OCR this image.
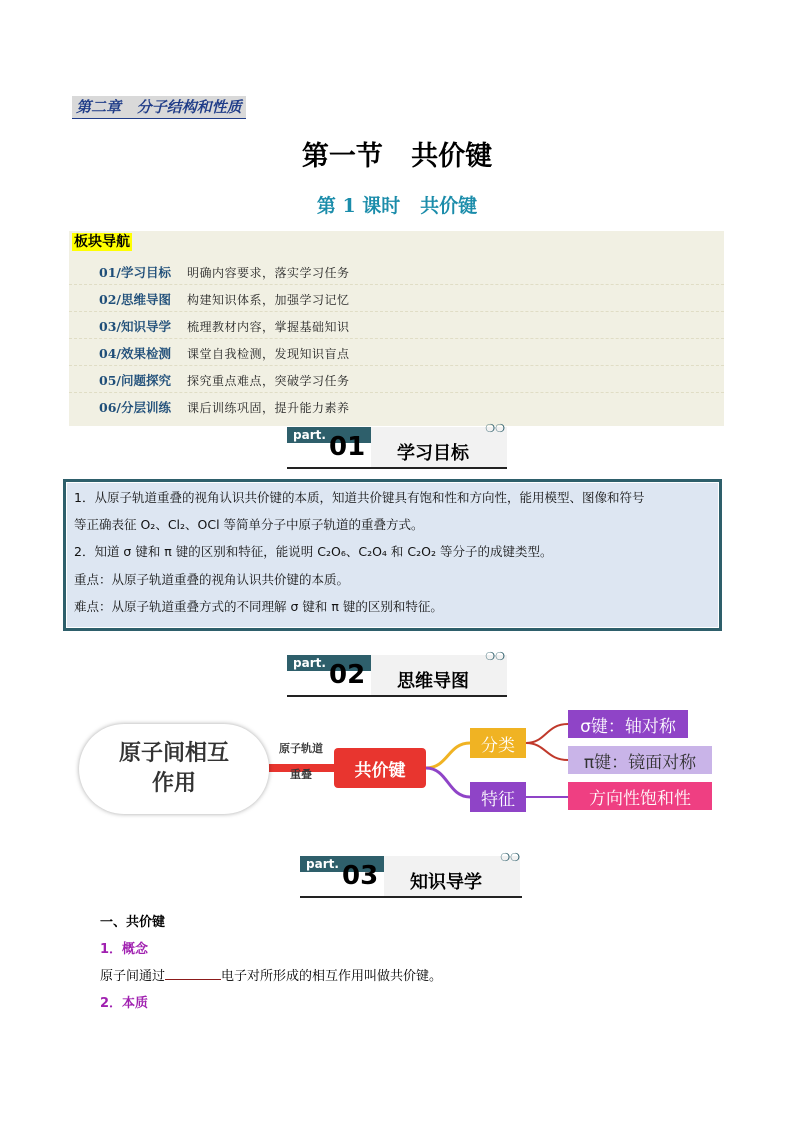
第二章   分子结构和性质
第一节   共价键
第 1 课时   共价键
板块导航
01/学习目标 明确内容要求，落实学习任务
02/思维导图 构建知识体系，加强学习记忆
03/知识导学 梳理教材内容，掌握基础知识
04/效果检测 课堂自我检测，发现知识盲点
05/问题探究 探究重点难点，突破学习任务
06/分层训练 课后训练巩固，提升能力素养
part. 01 学习目标
❍❍
1．从原子轨道重叠的视角认识共价键的本质，知道共价键具有饱和性和方向性，能用模型、图像和符号
等正确表征 O₂、Cl₂、OCl 等简单分子中原子轨道的重叠方式。
2．知道 σ 键和 π 键的区别和特征，能说明 C₂O₆、C₂O₄ 和 C₂O₂ 等分子的成键类型。
重点：从原子轨道重叠的视角认识共价键的本质。
难点：从原子轨道重叠方式的不同理解 σ 键和 π 键的区别和特征。
part. 02 思维导图
❍❍
原子间相互
作用
原子轨道
重叠	共价键
分类
特征
σ键：轴对称
π键：镜面对称
方向性饱和性
part. 03 知识导学
❍❍
一、共价键
1．概念
原子间通过	电子对所形成的相互作用叫做共价键。
2．本质
